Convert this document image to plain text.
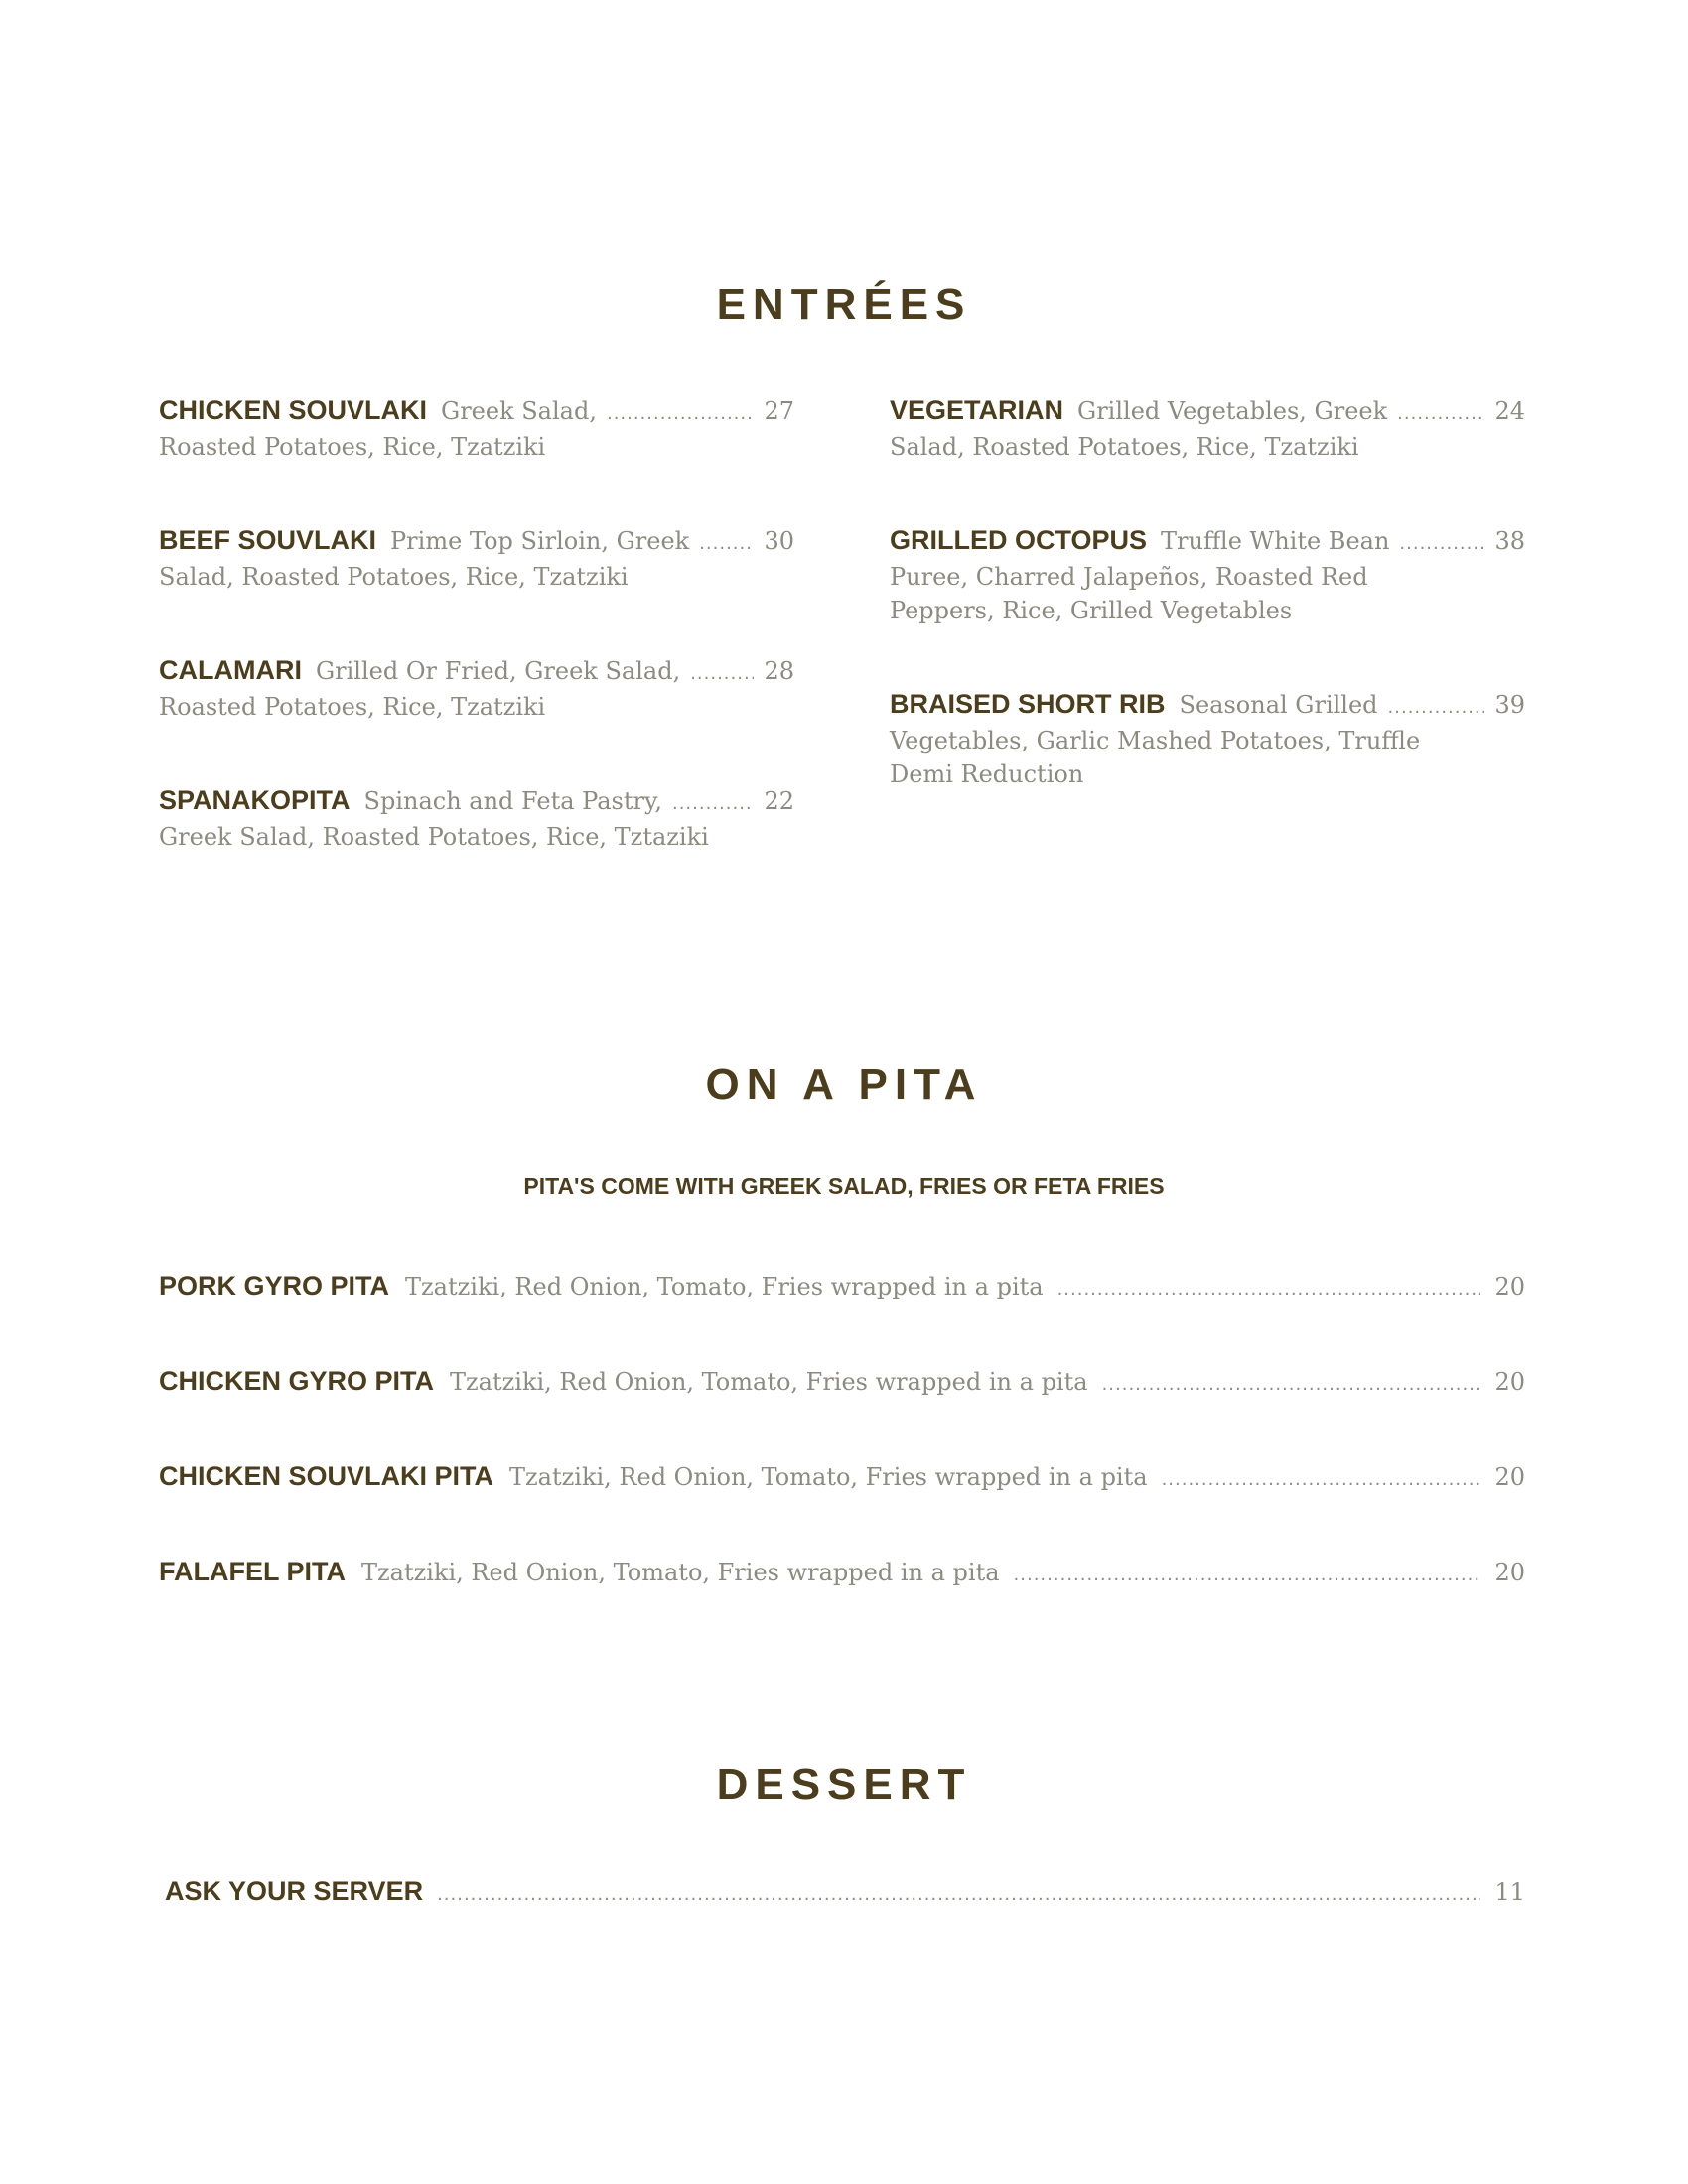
ENTRÉES
CHICKEN SOUVLAKI Greek Salad, .....	27
Roasted Potatoes, Rice, Tzatziki
BEEF SOUVLAKI Prime Top Sirloin, Greek .....	30
Salad, Roasted Potatoes, Rice, Tzatziki
CALAMARI Grilled Or Fried, Greek Salad, .....	28
Roasted Potatoes, Rice, Tzatziki
SPANAKOPITA Spinach and Feta Pastry, .....	22
Greek Salad, Roasted Potatoes, Rice, Tztaziki
VEGETARIAN Grilled Vegetables, Greek .....	24
Salad, Roasted Potatoes, Rice, Tzatziki
GRILLED OCTOPUS Truffle White Bean .....	38
Puree, Charred Jalapeños, Roasted Red Peppers, Rice, Grilled Vegetables
BRAISED SHORT RIB Seasonal Grilled .....	39
Vegetables, Garlic Mashed Potatoes, Truffle Demi Reduction
ON A PITA
PITA'S COME WITH GREEK SALAD, FRIES OR FETA FRIES
PORK GYRO PITA Tzatziki, Red Onion, Tomato, Fries wrapped in a pita .....	20
CHICKEN GYRO PITA Tzatziki, Red Onion, Tomato, Fries wrapped in a pita .....	20
CHICKEN SOUVLAKI PITA Tzatziki, Red Onion, Tomato, Fries wrapped in a pita .....	20
FALAFEL PITA Tzatziki, Red Onion, Tomato, Fries wrapped in a pita .....	20
DESSERT
ASK YOUR SERVER .....	11
